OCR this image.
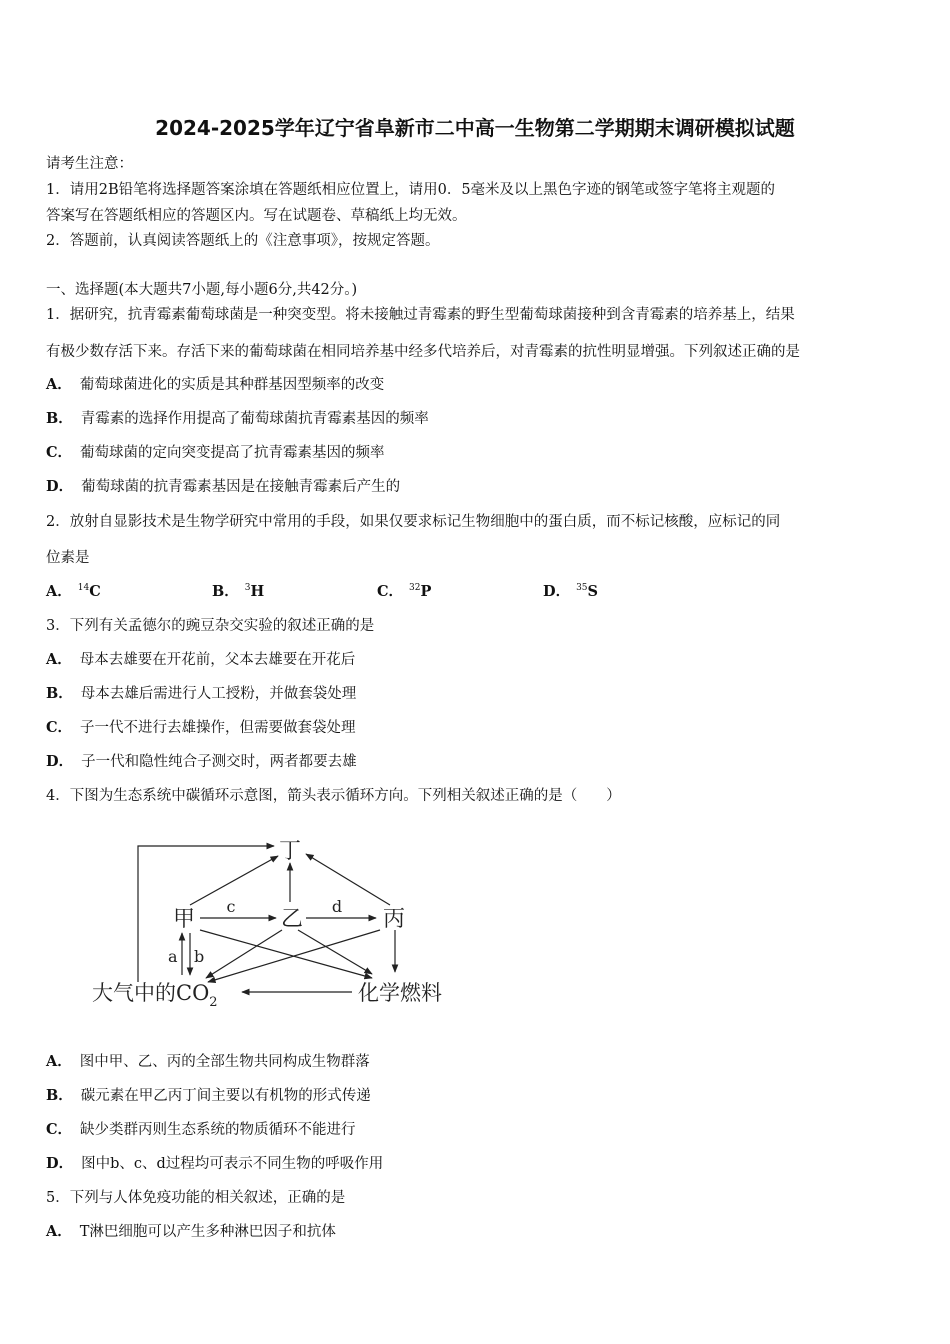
2024-2025学年辽宁省阜新市二中高一生物第二学期期末调研模拟试题
请考生注意：
1．请用2B铅笔将选择题答案涂填在答题纸相应位置上，请用0．5毫米及以上黑色字迹的钢笔或签字笔将主观题的
答案写在答题纸相应的答题区内。写在试题卷、草稿纸上均无效。
2．答题前，认真阅读答题纸上的《注意事项》，按规定答题。
一、选择题(本大题共7小题,每小题6分,共42分。)
1．据研究，抗青霉素葡萄球菌是一种突变型。将未接触过青霉素的野生型葡萄球菌接种到含青霉素的培养基上，结果
有极少数存活下来。存活下来的葡萄球菌在相同培养基中经多代培养后，对青霉素的抗性明显增强。下列叙述正确的是
A． 葡萄球菌进化的实质是其种群基因型频率的改变
B． 青霉素的选择作用提高了葡萄球菌抗青霉素基因的频率
C． 葡萄球菌的定向突变提高了抗青霉素基因的频率
D． 葡萄球菌的抗青霉素基因是在接触青霉素后产生的
2．放射自显影技术是生物学研究中常用的手段，如果仅要求标记生物细胞中的蛋白质，而不标记核酸，应标记的同
位素是
A． $^{14}$C	B． $^3$H	C． $^{32}$P	D． $^{35}$S
3．下列有关孟德尔的豌豆杂交实验的叙述正确的是
A． 母本去雄要在开花前，父本去雄要在开花后
B． 母本去雄后需进行人工授粉，并做套袋处理
C． 子一代不进行去雄操作，但需要做套袋处理
D． 子一代和隐性纯合子测交时，两者都要去雄
4．下图为生态系统中碳循环示意图，箭头表示循环方向。下列相关叙述正确的是（　　）
丁
甲	乙	丙
c	d
a b
大气中的$CO_2$	化学燃料
A． 图中甲、乙、丙的全部生物共同构成生物群落
B． 碳元素在甲乙丙丁间主要以有机物的形式传递
C． 缺少类群丙则生态系统的物质循环不能进行
D． 图中b、c、d过程均可表示不同生物的呼吸作用
5．下列与人体免疫功能的相关叙述，正确的是
A． T淋巴细胞可以产生多种淋巴因子和抗体
